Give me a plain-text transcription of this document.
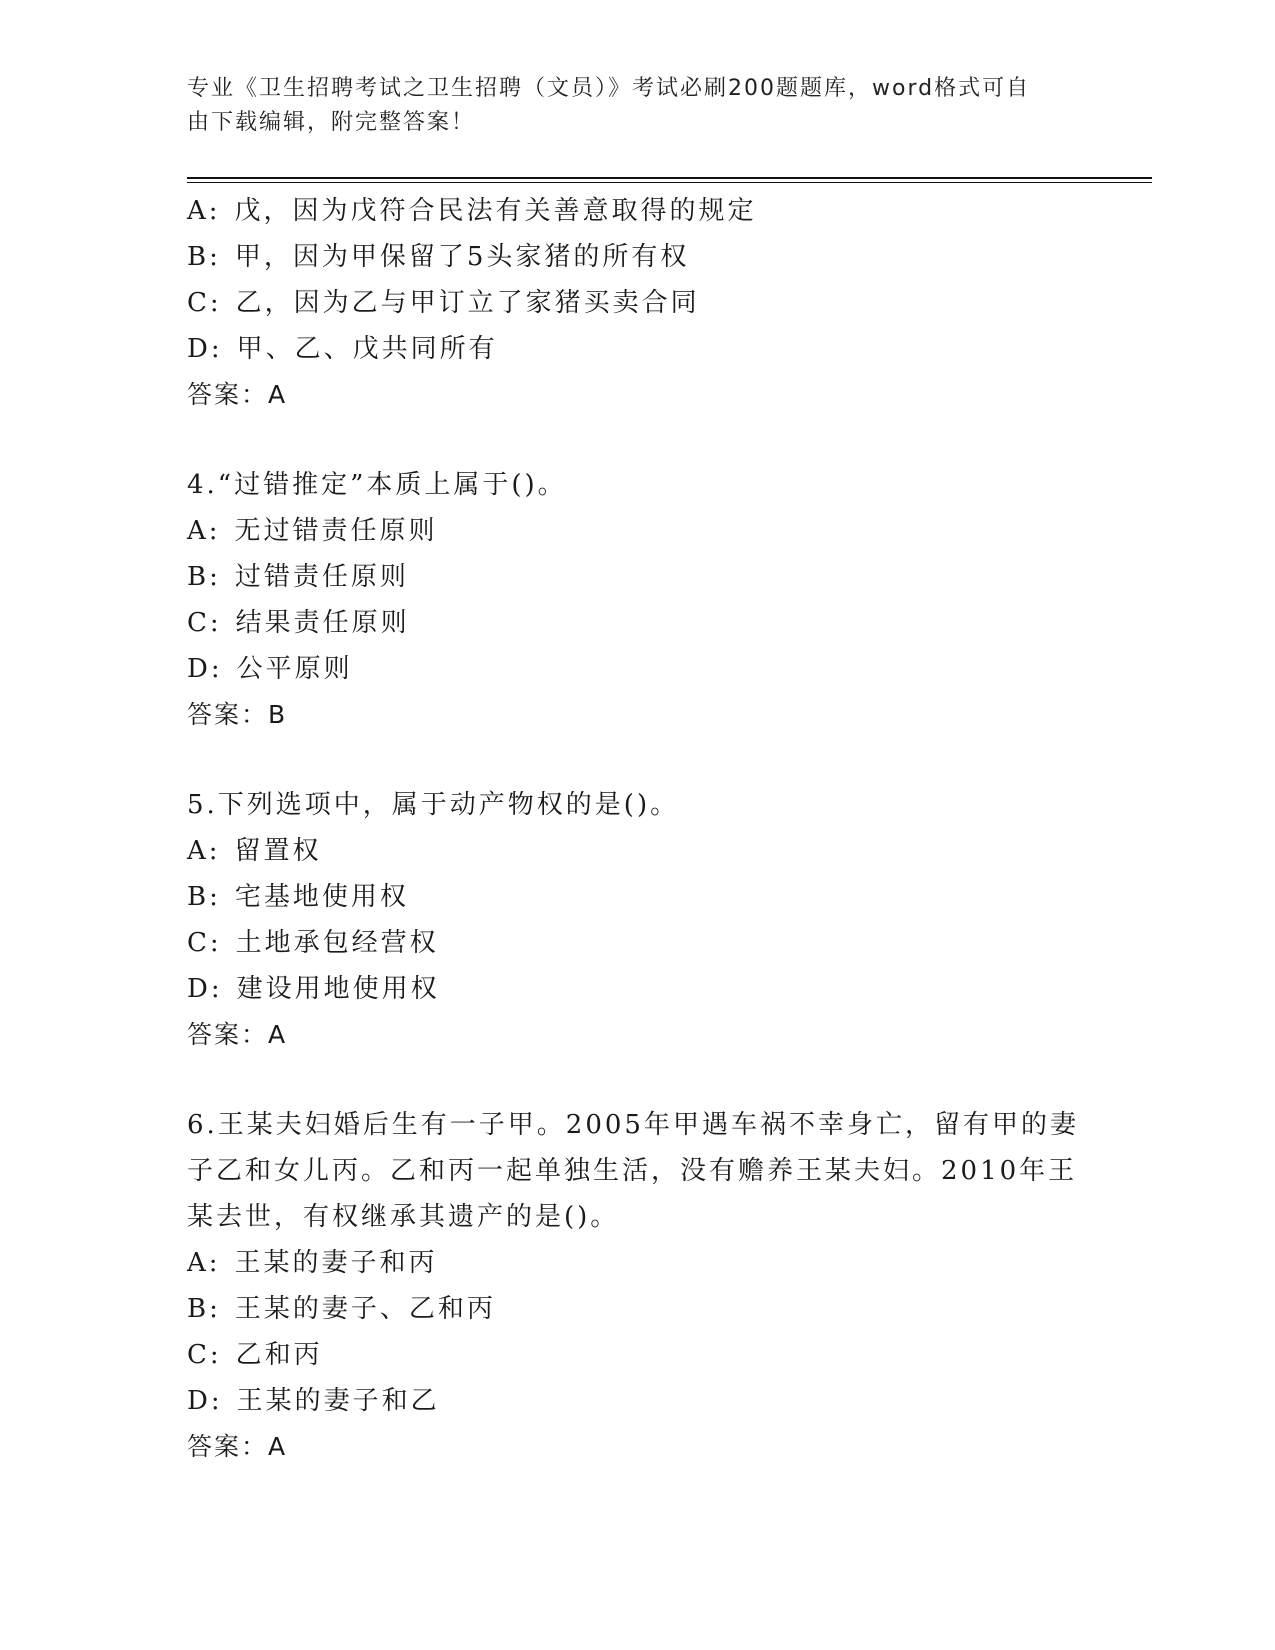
专业《卫生招聘考试之卫生招聘（文员）》考试必刷200题题库，word格式可自
由下载编辑，附完整答案！
A: 戊，因为戊符合民法有关善意取得的规定
B: 甲，因为甲保留了5头家猪的所有权
C: 乙，因为乙与甲订立了家猪买卖合同
D: 甲、乙、戊共同所有
答案：A
4.“过错推定”本质上属于()。
A: 无过错责任原则
B: 过错责任原则
C: 结果责任原则
D: 公平原则
答案：B
5.下列选项中，属于动产物权的是()。
A: 留置权
B: 宅基地使用权
C: 土地承包经营权
D: 建设用地使用权
答案：A
6.王某夫妇婚后生有一子甲。2005年甲遇车祸不幸身亡，留有甲的妻
子乙和女儿丙。乙和丙一起单独生活，没有赡养王某夫妇。2010年王
某去世，有权继承其遗产的是()。
A: 王某的妻子和丙
B: 王某的妻子、乙和丙
C: 乙和丙
D: 王某的妻子和乙
答案：A
